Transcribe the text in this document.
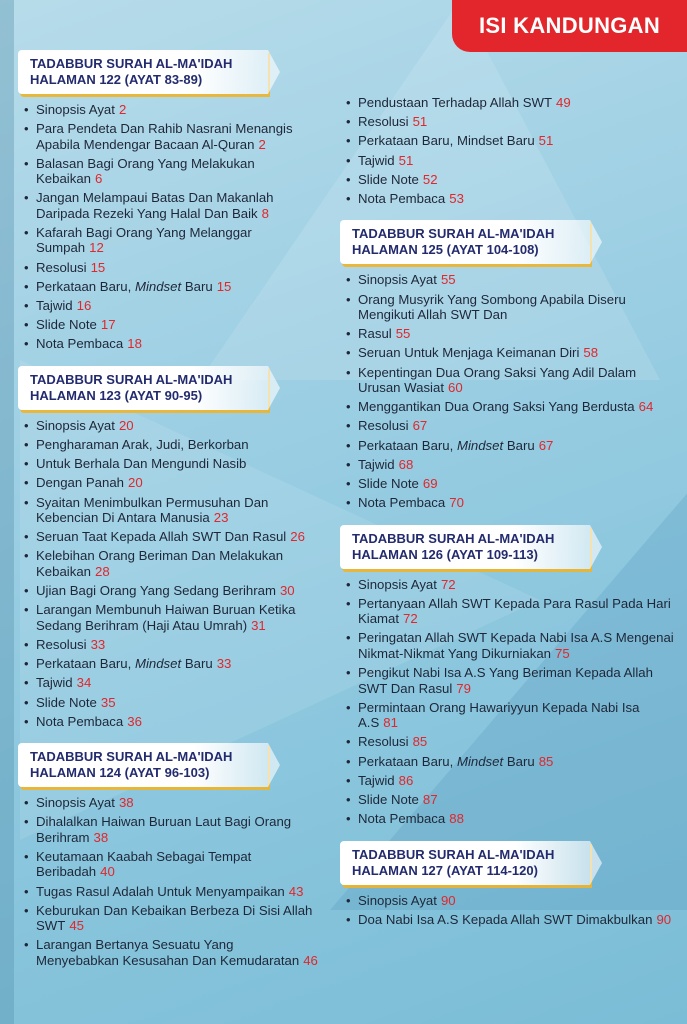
ISI KANDUNGAN
TADABBUR SURAH AL-MA'IDAH
HALAMAN 122 (AYAT 83-89)
• Sinopsis Ayat 2
• Para Pendeta Dan Rahib Nasrani Menangis Apabila Mendengar Bacaan Al-Quran 2
• Balasan Bagi Orang Yang Melakukan Kebaikan 6
• Jangan Melampaui Batas Dan Makanlah Daripada Rezeki Yang Halal Dan Baik 8
• Kafarah Bagi Orang Yang Melanggar Sumpah 12
• Resolusi 15
• Perkataan Baru, Mindset Baru 15
• Tajwid 16
• Slide Note 17
• Nota Pembaca 18
TADABBUR SURAH AL-MA'IDAH
HALAMAN 123 (AYAT 90-95)
• Sinopsis Ayat 20
• Pengharaman Arak, Judi, Berkorban
• Untuk Berhala Dan Mengundi Nasib
• Dengan Panah 20
• Syaitan Menimbulkan Permusuhan Dan Kebencian Di Antara Manusia 23
• Seruan Taat Kepada Allah SWT Dan Rasul 26
• Kelebihan Orang Beriman Dan Melakukan Kebaikan 28
• Ujian Bagi Orang Yang Sedang Berihram 30
• Larangan Membunuh Haiwan Buruan Ketika Sedang Berihram (Haji Atau Umrah) 31
• Resolusi 33
• Perkataan Baru, Mindset Baru 33
• Tajwid 34
• Slide Note 35
• Nota Pembaca 36
TADABBUR SURAH AL-MA'IDAH
HALAMAN 124 (AYAT 96-103)
• Sinopsis Ayat 38
• Dihalalkan Haiwan Buruan Laut Bagi Orang Berihram 38
• Keutamaan Kaabah Sebagai Tempat Beribadah 40
• Tugas Rasul Adalah Untuk Menyampaikan 43
• Keburukan Dan Kebaikan Berbeza Di Sisi Allah SWT 45
• Larangan Bertanya Sesuatu Yang Menyebabkan Kesusahan Dan Kemudaratan 46
• Pendustaan Terhadap Allah SWT 49
• Resolusi 51
• Perkataan Baru, Mindset Baru 51
• Tajwid 51
• Slide Note 52
• Nota Pembaca 53
TADABBUR SURAH AL-MA'IDAH
HALAMAN 125 (AYAT 104-108)
• Sinopsis Ayat 55
• Orang Musyrik Yang Sombong Apabila Diseru Mengikuti Allah SWT Dan
• Rasul 55
• Seruan Untuk Menjaga Keimanan Diri 58
• Kepentingan Dua Orang Saksi Yang Adil Dalam Urusan Wasiat 60
• Menggantikan Dua Orang Saksi Yang Berdusta 64
• Resolusi 67
• Perkataan Baru, Mindset Baru 67
• Tajwid 68
• Slide Note 69
• Nota Pembaca 70
TADABBUR SURAH AL-MA'IDAH
HALAMAN 126 (AYAT 109-113)
• Sinopsis Ayat 72
• Pertanyaan Allah SWT Kepada Para Rasul Pada Hari Kiamat 72
• Peringatan Allah SWT Kepada Nabi Isa A.S Mengenai Nikmat-Nikmat Yang Dikurniakan 75
• Pengikut Nabi Isa A.S Yang Beriman Kepada Allah SWT Dan Rasul 79
• Permintaan Orang Hawariyyun Kepada Nabi Isa A.S 81
• Resolusi 85
• Perkataan Baru, Mindset Baru 85
• Tajwid 86
• Slide Note 87
• Nota Pembaca 88
TADABBUR SURAH AL-MA'IDAH
HALAMAN 127 (AYAT 114-120)
• Sinopsis Ayat 90
• Doa Nabi Isa A.S Kepada Allah SWT Dimakbulkan 90
